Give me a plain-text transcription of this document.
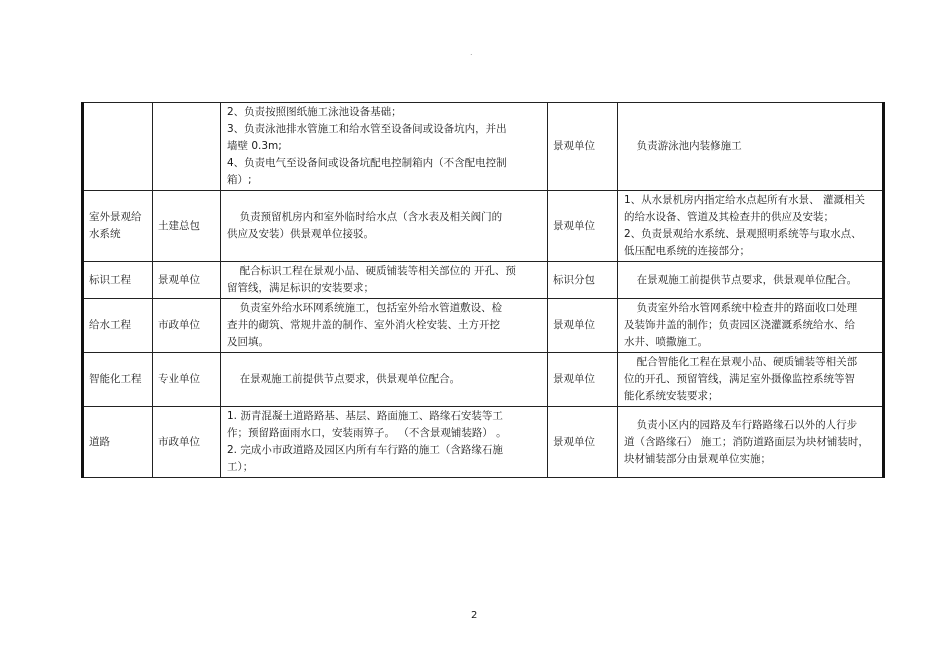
.

		2、负责按照图纸施工泳池设备基础；
3、负责泳池排水管施工和给水管至设备间或设备坑内，并出
墙壁 0.3m;
4、负责电气至设备间或设备坑配电控制箱内（不含配电控制
箱）;	景观单位	负责游泳池内装修施工

室外景观给
水系统	土建总包	负责预留机房内和室外临时给水点（含水表及相关阀门的
供应及安装）供景观单位接驳。	景观单位	1、从水景机房内指定给水点起所有水景、 灌溉相关
的给水设备、管道及其检查井的供应及安装；
2、负责景观给水系统、景观照明系统等与取水点、
低压配电系统的连接部分；

标识工程	景观单位	配合标识工程在景观小品、硬质铺装等相关部位的 开孔、预
留管线，满足标识的安装要求；	标识分包	在景观施工前提供节点要求，供景观单位配合。

给水工程	市政单位	负责室外给水环网系统施工，包括室外给水管道敷设、检
查井的砌筑、常规井盖的制作、室外消火栓安装、土方开挖
及回填。	景观单位	负责室外给水管网系统中检查井的路面收口处理
及装饰井盖的制作；负责园区浇灌溉系统给水、给
水井、喷撒施工。

智能化工程	专业单位	在景观施工前提供节点要求，供景观单位配合。	景观单位	配合智能化工程在景观小品、硬质铺装等相关部
位的开孔、预留管线，满足室外摄像监控系统等智
能化系统安装要求；

道路	市政单位	1. 沥青混凝土道路路基、基层、路面施工、路缘石安装等工
作；预留路面雨水口，安装雨箅子。 （不含景观铺装路） 。
2. 完成小市政道路及园区内所有车行路的施工（含路缘石施
工）；	景观单位	负责小区内的园路及车行路路缘石以外的人行步
道（含路缘石） 施工；消防道路面层为块材铺装时，
块材铺装部分由景观单位实施；
2
